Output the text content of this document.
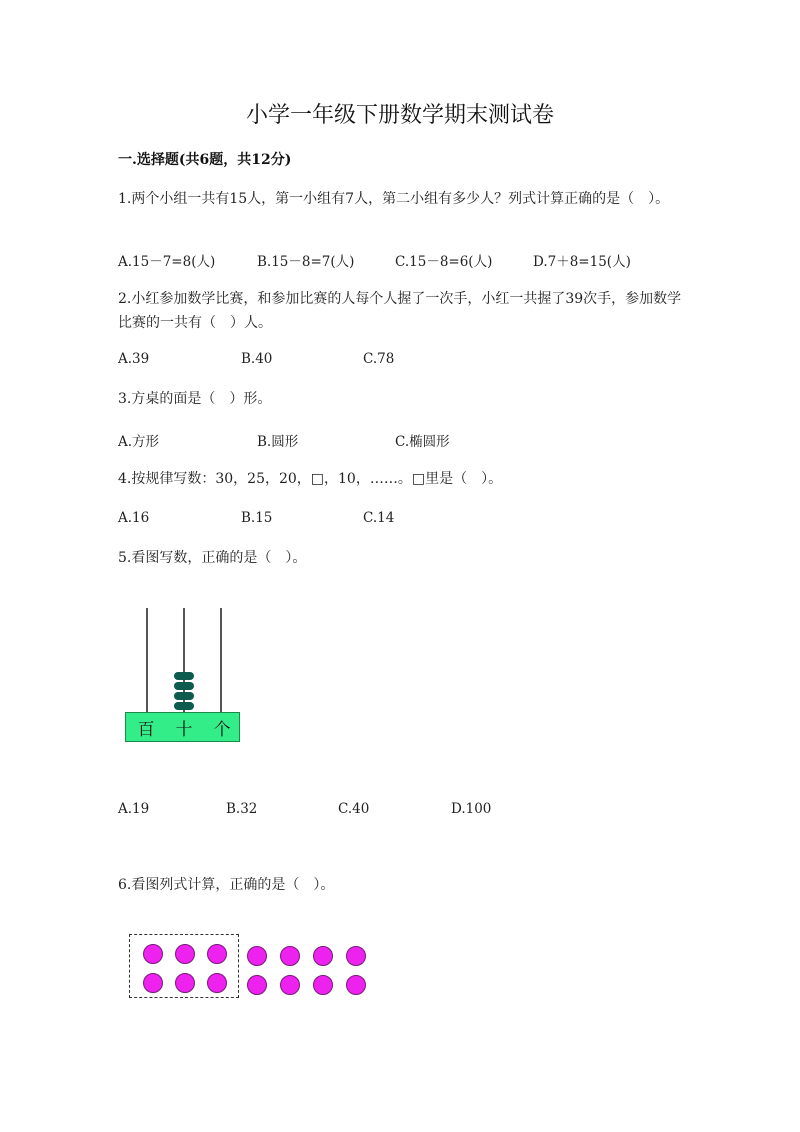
小学一年级下册数学期末测试卷
一.选择题(共6题，共12分)
1.两个小组一共有15人，第一小组有7人，第二小组有多少人？列式计算正确的是（　）。
A.15－7=8(人)	B.15－8=7(人)	C.15－8=6(人)	D.7＋8=15(人)
2.小红参加数学比赛，和参加比赛的人每个人握了一次手，小红一共握了39次手，参加数学比赛的一共有（　）人。
A.39	B.40	C.78
3.方桌的面是（　）形。
A.方形	B.圆形	C.椭圆形
4.按规律写数：30，25，20，□，10，……。□里是（　）。
A.16	B.15	C.14
5.看图写数，正确的是（　）。
百 十 个
A.19	B.32	C.40	D.100
6.看图列式计算，正确的是（　）。
